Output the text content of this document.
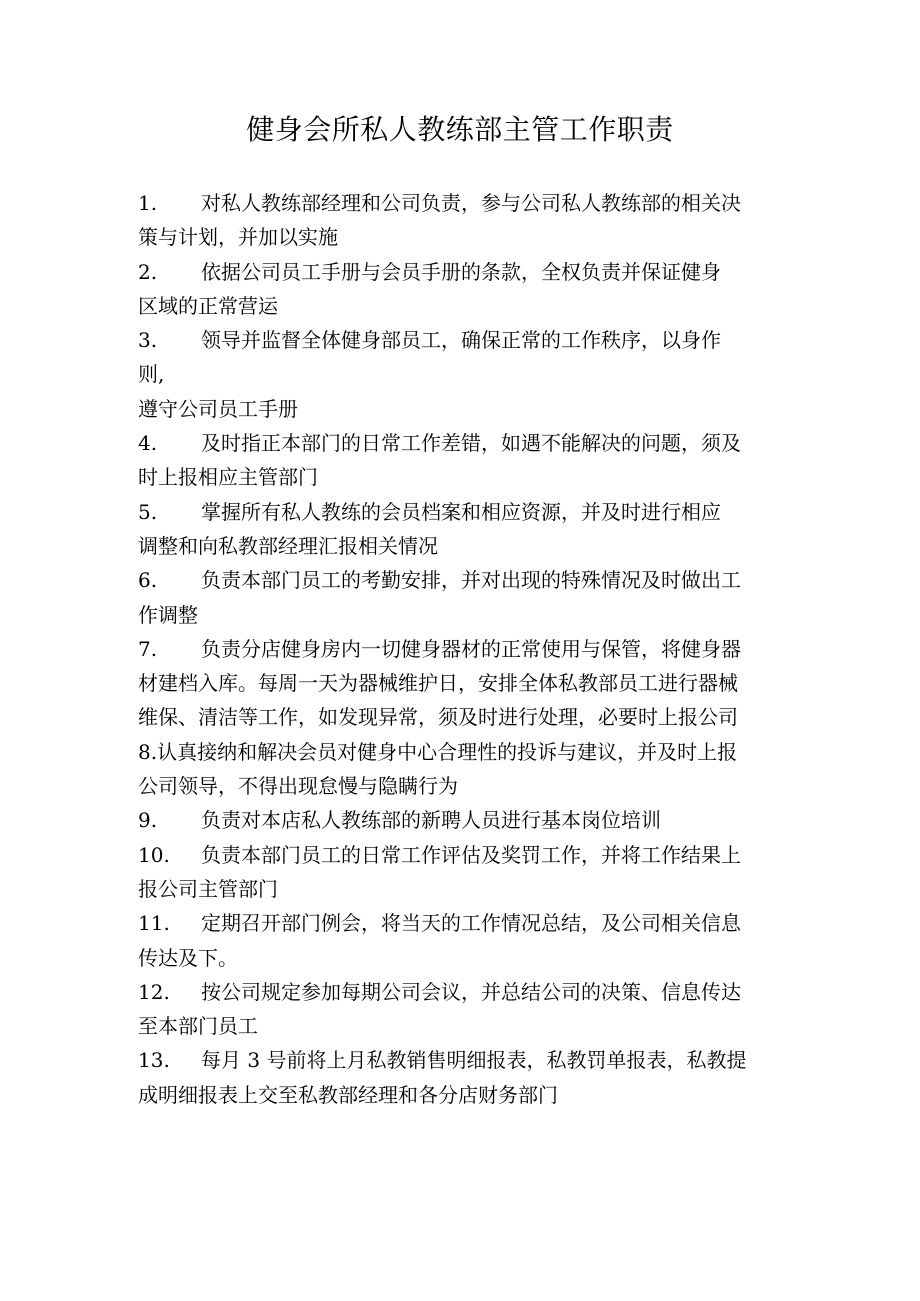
健身会所私人教练部主管工作职责
1. 对私人教练部经理和公司负责，参与公司私人教练部的相关决
策与计划，并加以实施
2. 依据公司员工手册与会员手册的条款，全权负责并保证健身
区域的正常营运
3. 领导并监督全体健身部员工，确保正常的工作秩序，以身作
则,
遵守公司员工手册
4. 及时指正本部门的日常工作差错，如遇不能解决的问题，须及
时上报相应主管部门
5. 掌握所有私人教练的会员档案和相应资源，并及时进行相应
调整和向私教部经理汇报相关情况
6. 负责本部门员工的考勤安排，并对出现的特殊情况及时做出工
作调整
7. 负责分店健身房内一切健身器材的正常使用与保管，将健身器
材建档入库。每周一天为器械维护日，安排全体私教部员工进行器械
维保、清洁等工作，如发现异常，须及时进行处理，必要时上报公司
8.认真接纳和解决会员对健身中心合理性的投诉与建议，并及时上报
公司领导，不得出现怠慢与隐瞒行为
9. 负责对本店私人教练部的新聘人员进行基本岗位培训
10. 负责本部门员工的日常工作评估及奖罚工作，并将工作结果上
报公司主管部门
11. 定期召开部门例会，将当天的工作情况总结，及公司相关信息
传达及下。
12. 按公司规定参加每期公司会议，并总结公司的决策、信息传达
至本部门员工
13. 每月 3 号前将上月私教销售明细报表，私教罚单报表，私教提
成明细报表上交至私教部经理和各分店财务部门
